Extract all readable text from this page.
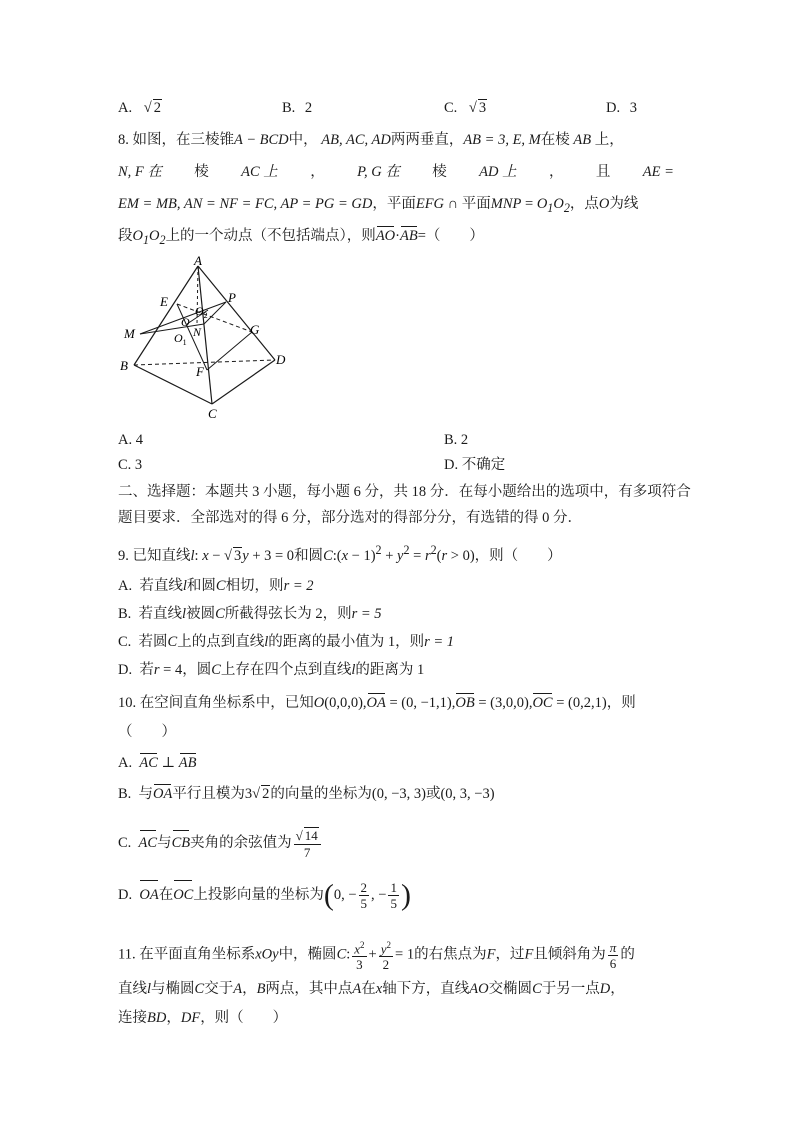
A. √ 2	B. 2	C. √ 3	D. 3
8. 如图，在三棱锥A − BCD中， AB, AC, AD两两垂直，AB = 3, E, M在棱 AB 上，
N, F 在 棱 AC 上 ， P, G 在 棱 AD 上 ， 且 AE =
EM = MB, AN = NF = FC, AP = PG = GD，平面EFG ∩ 平面MNP = $O_1O_2$，点O为线
段$O_1O_2$上的一个动点（不包括端点），则AO·AB=（　　）
A
B
C
D
E	P
M	G
N
F
O
$O_1$
$O_2$
A. 4	B. 2
C. 3	D. 不确定
二、选择题：本题共 3 小题，每小题 6 分，共 18 分．在每小题给出的选项中，有多项符合
题目要求．全部选对的得 6 分，部分选对的得部分分，有选错的得 0 分．
9. 已知直线l: x − √ 3y + 3 = 0和圆C:(x − $1)^2 + y^2 = r^2(r > 0)$，则（　　）
A. 若直线l和圆C相切，则r = 2
B. 若直线l被圆C所截得弦长为 2，则r = 5
C. 若圆C上的点到直线l的距离的最小值为 1，则r = 1
D. 若r = 4，圆C上存在四个点到直线l的距离为 1
10. 在空间直角坐标系中，已知O(0,0,0),OA = (0, −1,1),OB = (3,0,0),OC = (0,2,1)，则
（　　）
A. AC ⊥ AB
B. 与OA平行且模为3√ 2的向量的坐标为(0, −3, 3)或(0, 3, −3)
C. AC与CB夹角的余弦值为 $\frac{√ 14}{7}$
D. OA在OC上投影向量的坐标为(0, − $\frac{2}{5}$ , − $\frac{1}{5}$ )
11. 在平面直角坐标系xOy中，椭圆C: $\frac{x^2}{3} + \frac{y^2}{2} = 1$的右焦点为F，过F且倾斜角为 $\frac{\pi}{6}$ 的
直线l与椭圆C交于A，B两点，其中点A在x轴下方，直线AO交椭圆C于另一点D，
连接BD，DF，则（　　）
